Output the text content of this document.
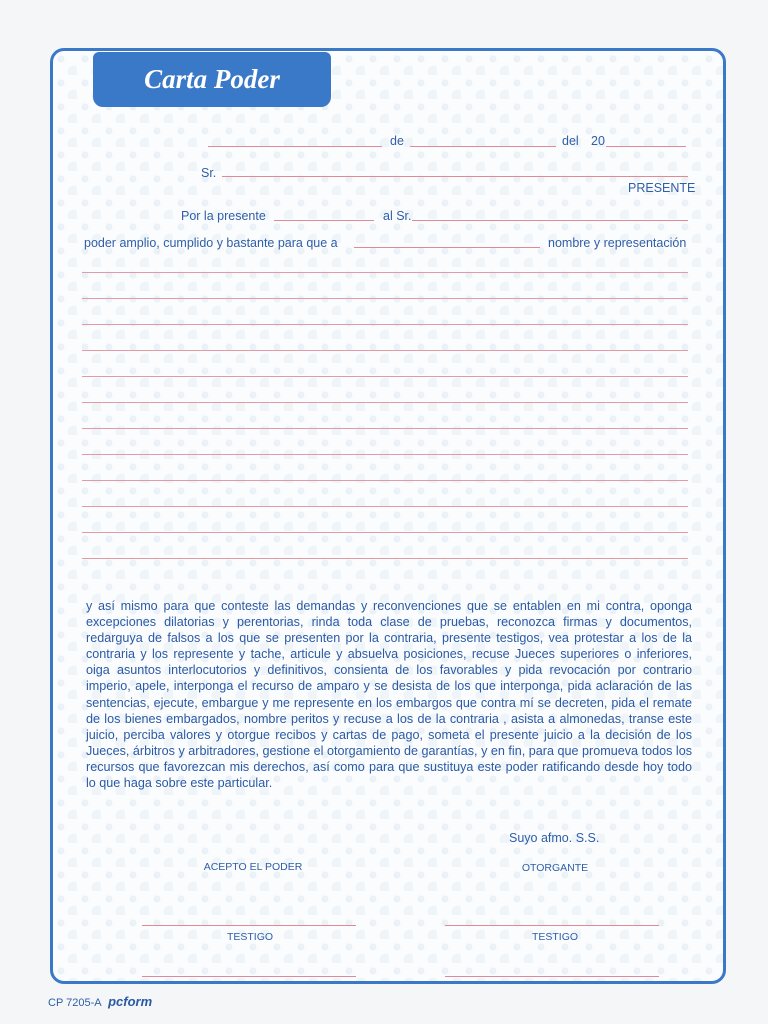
Carta Poder
de	del 20
Sr.
PRESENTE
Por la presente	al Sr.
poder amplio, cumplido y bastante para que a	nombre y representación

y así mismo para que conteste las demandas y reconvenciones que se entablen en mi contra, oponga excepciones dilatorias y perentorias, rinda toda clase de pruebas, reconozca firmas y documentos, redarguya de falsos a los que se presenten por la contraria, presente testigos, vea protestar a los de la contraria y los represente y tache, articule y absuelva posiciones, recuse Jueces superiores o inferiores, oiga asuntos interlocutorios y definitivos, consienta de los favorables y pida revocación por contrario imperio, apele, interponga el recurso de amparo y se desista de los que interponga, pida aclaración de las sentencias, ejecute, embargue y me represente en los embargos que contra mí se decreten, pida el remate de los bienes embargados, nombre peritos y recuse a los de la contraria , asista a almonedas, transe este juicio, perciba valores y otorgue recibos y cartas de pago, someta el presente juicio a la decisión de los Jueces, árbitros y arbitradores, gestione el otorgamiento de garantías, y en fin, para que promueva todos los recursos que favorezcan mis derechos, así como para que sustituya este poder ratificando desde hoy todo lo que haga sobre este particular.

Suyo afmo. S.S.
ACEPTO EL PODER	OTORGANTE
TESTIGO	TESTIGO
CP 7205-A pcform
